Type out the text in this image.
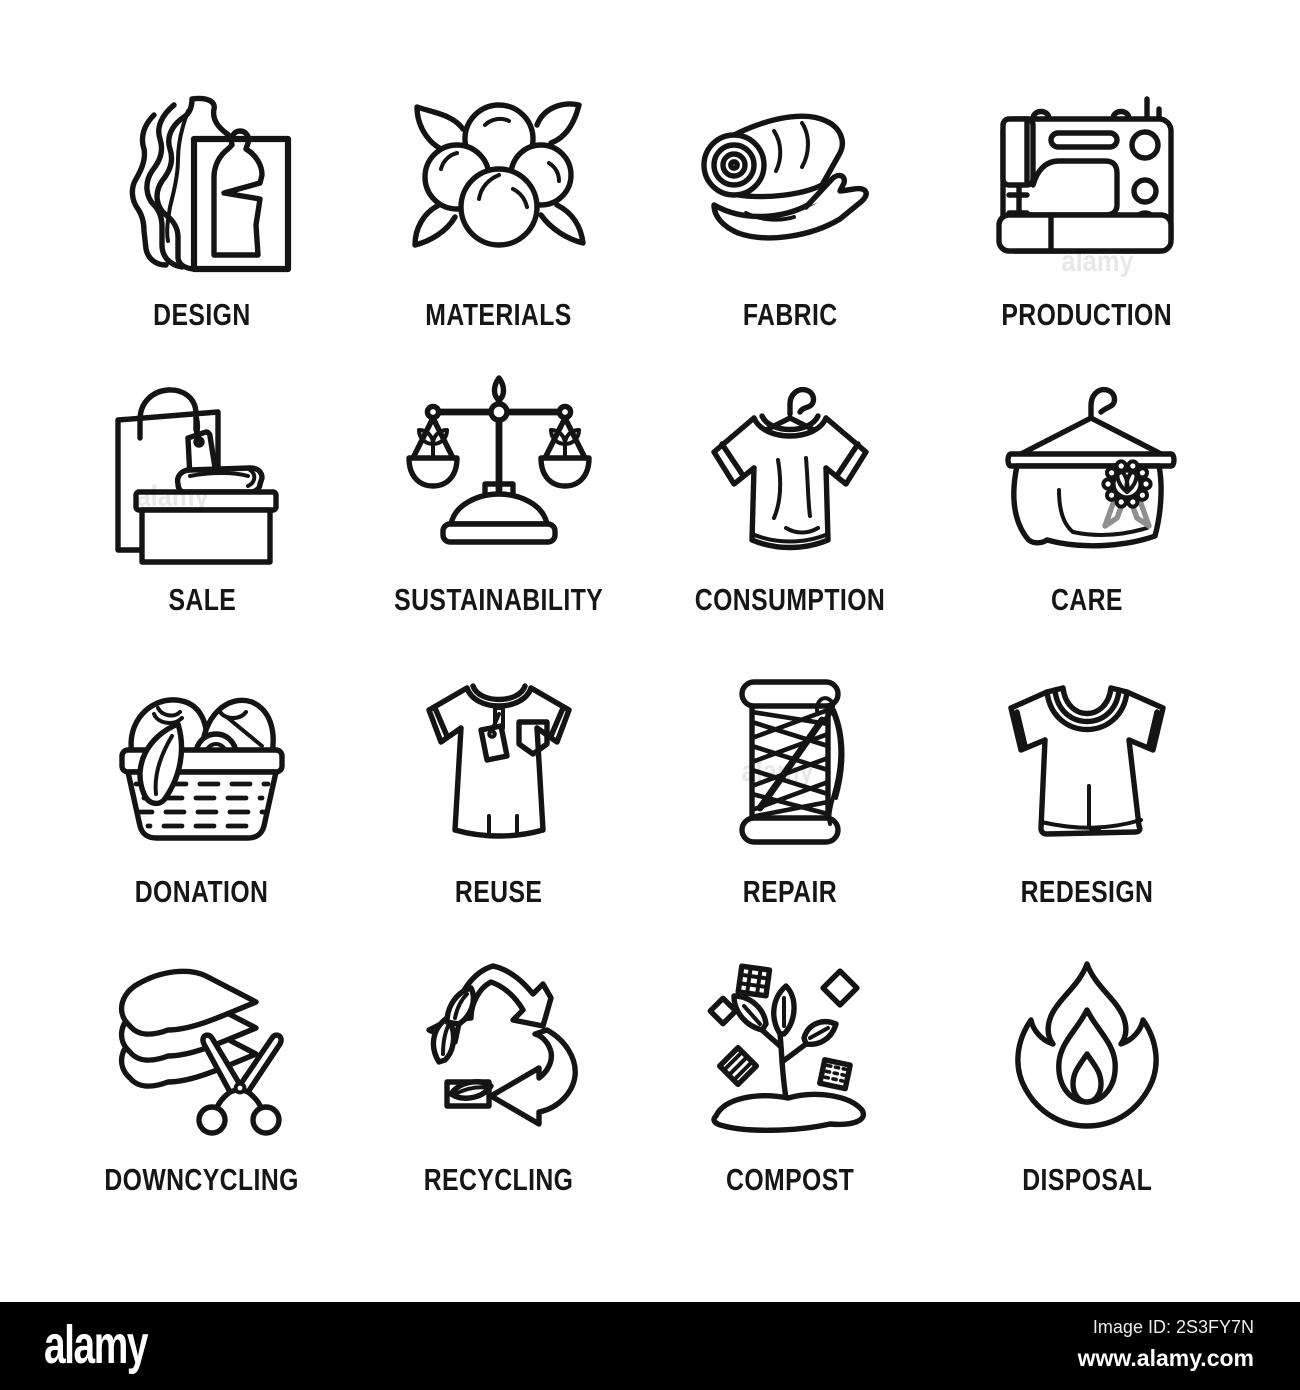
DESIGN	MATERIALS	FABRIC	PRODUCTION
SALE	SUSTAINABILITY	CONSUMPTION	CARE
DONATION	REUSE	REPAIR	REDESIGN
DOWNCYCLING	RECYCLING	COMPOST	DISPOSAL
alamy
alamy
alamy	Image ID: 2S3FY7N
www.alamy.com
